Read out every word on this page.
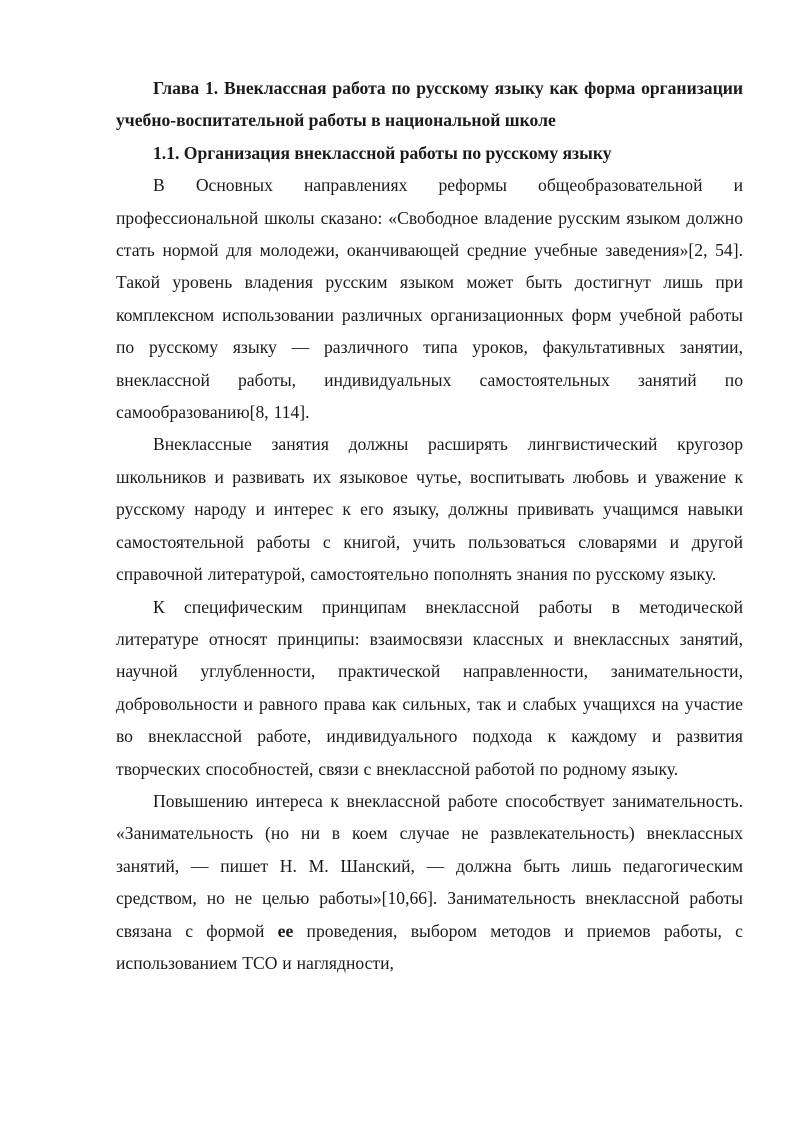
Глава 1. Внеклассная работа по русскому языку как форма организации учебно-воспитательной работы в национальной школе

1.1. Организация внеклассной работы по русскому языку

В Основных направлениях реформы общеобразовательной и профессиональной школы сказано: «Свободное владение русским языком должно стать нормой для молодежи, оканчивающей средние учебные заведения»[2, 54]. Такой уровень владения русским языком может быть достигнут лишь при комплексном использовании различных организационных форм учебной работы по русскому языку — различного типа уроков, факультативных занятии, внеклассной работы, индивидуальных самостоятельных занятий по самообразованию[8, 114].

Внеклассные занятия должны расширять лингвистический кругозор школьников и развивать их языковое чутье, воспитывать любовь и уважение к русскому народу и интерес к его языку, должны прививать учащимся навыки самостоятельной работы с книгой, учить пользоваться словарями и другой справочной литературой, самостоятельно пополнять знания по русскому языку.

К специфическим принципам внеклассной работы в методической литературе относят принципы: взаимосвязи классных и внеклассных занятий, научной углубленности, практической направленности, занимательности, добровольности и равного права как сильных, так и слабых учащихся на участие во внеклассной работе, индивидуального подхода к каждому и развития творческих способностей, связи с внеклассной работой по родному языку.

Повышению интереса к внеклассной работе способствует занимательность. «Занимательность (но ни в коем случае не развлекательность) внеклассных занятий, — пишет Н. М. Шанский, — должна быть лишь педагогическим средством, но не целью работы»[10,66]. Занимательность внеклассной работы связана с формой ее проведения, выбором методов и приемов работы, с использованием ТСО и наглядности,
